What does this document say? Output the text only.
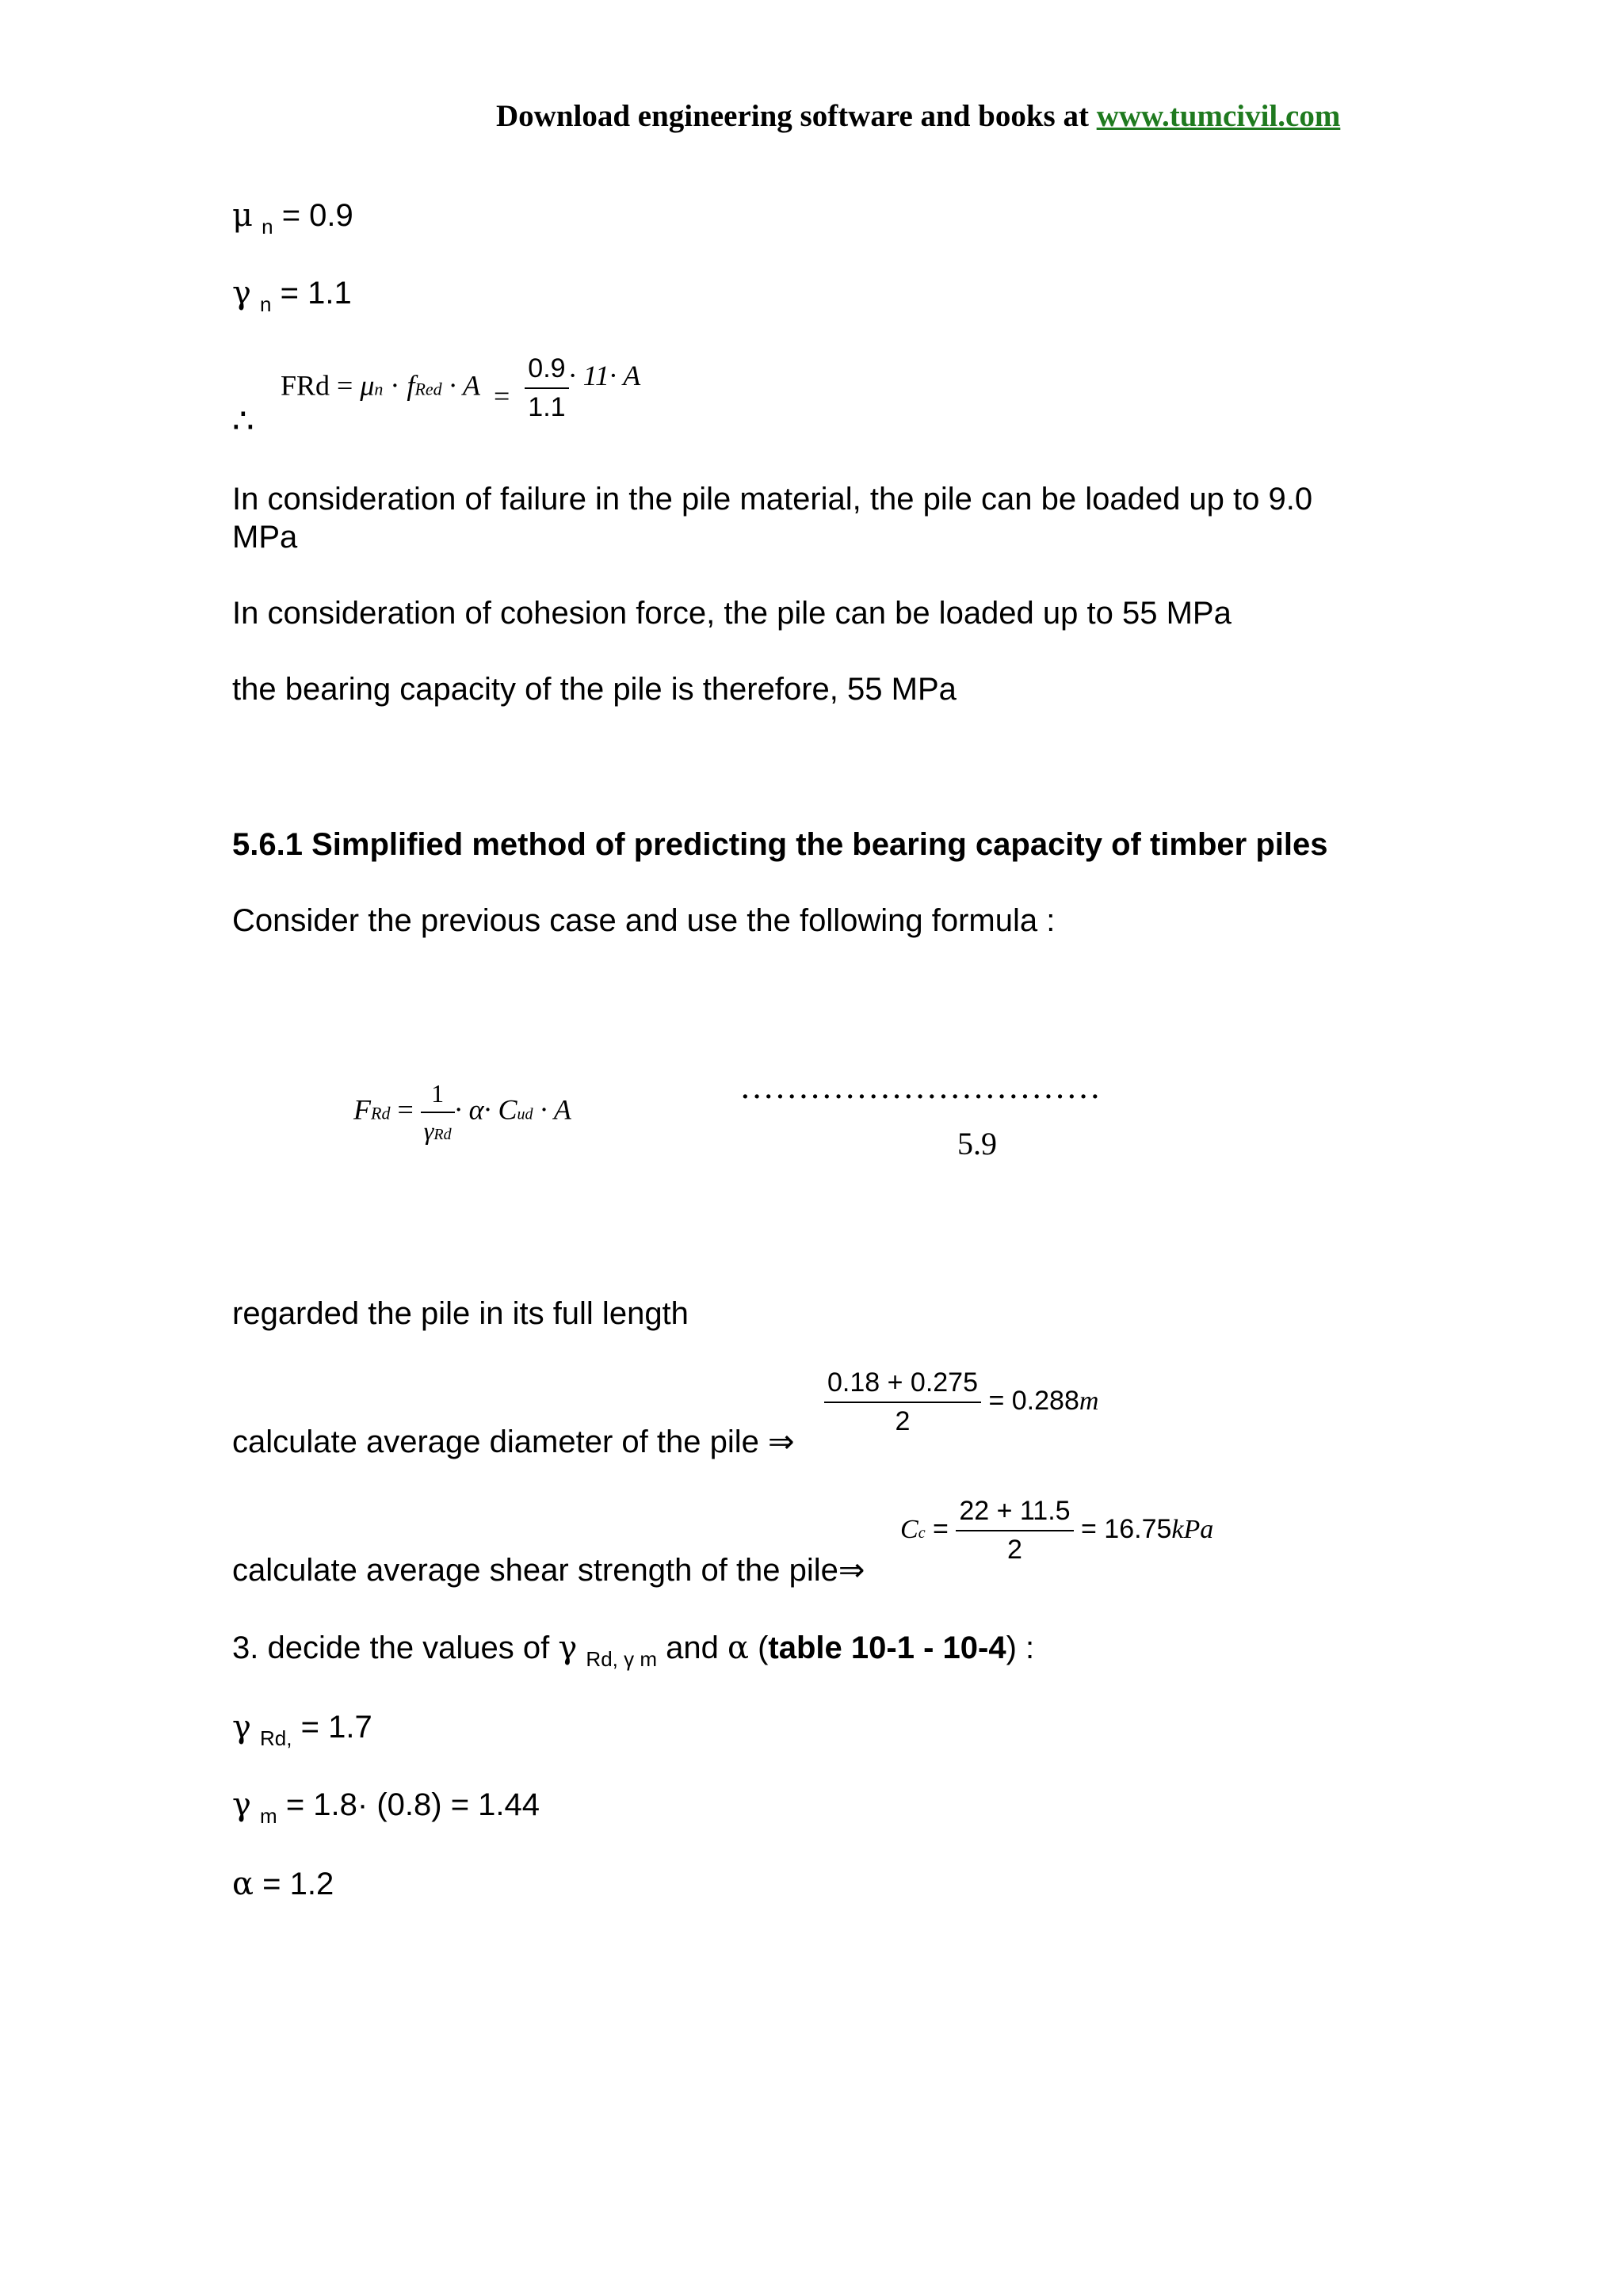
Download engineering software and books at www.tumcivil.com
μ $_n$ = 0.9
γ $_n$ = 1.1
∴
FRd = μn · fRed · $A = \frac{0.9}{1.1} \cdot 11\cdot A$
In consideration of failure in the pile material, the pile can be loaded up to 9.0
MPa
In consideration of cohesion force, the pile can be loaded up to 55 MPa
the bearing capacity of the pile is therefore, 55 MPa
5.6.1 Simplified method of predicting the bearing capacity of timber piles
Consider the previous case and use the following formula :
FRd = $\frac{1}{\text{γRd}} \cdot \alpha\cdot$ Cud · A	·······························
5.9
regarded the pile in its full length
calculate average diameter of the pile ⇒
$\frac{0.18 + 0.275}{2} = 0.288m$
calculate average shear strength of the pile⇒
$Cc = \frac{22 + 11.5}{2} = 16.75kPa$
3. decide the values of γ $_{Rd, \gamma m}$ and α (table 10-1 - 10-4) :
γ $_{Rd,}$ = 1.7
γ $_m$ = 1.8· (0.8) = 1.44
α = 1.2
